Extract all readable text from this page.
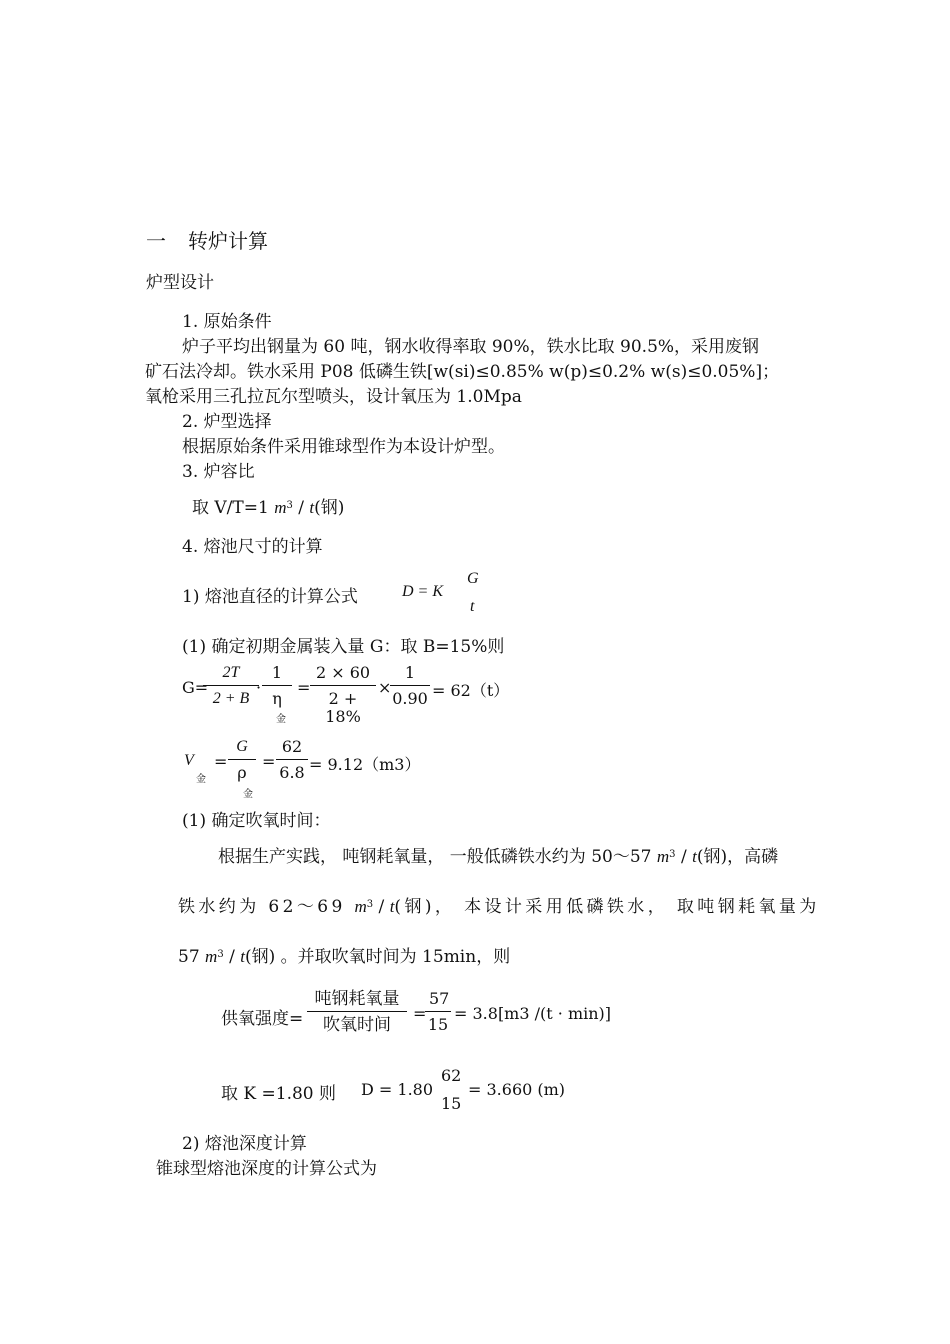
一 转炉计算
炉型设计
1. 原始条件
炉子平均出钢量为 60 吨，钢水收得率取 90%，铁水比取 90.5%，采用废钢
矿石法冷却。铁水采用 P08 低磷生铁[w(si)≤0.85% w(p)≤0.2% w(s)≤0.05%]；
氧枪采用三孔拉瓦尔型喷头，设计氧压为 1.0Mpa
2. 炉型选择
根据原始条件采用锥球型作为本设计炉型。
3. 炉容比
取 V/T=1 $m^3 / t$(钢)
4. 熔池尺寸的计算
1) 熔池直径的计算公式	D = K
G
t
(1) 确定初期金属装入量 G：取 B=15%则
G=
$\frac{2T}{2 + B}$
· $\frac{1}{\eta}$
金
= $\frac{2 \times 60}{2 + 18\%}$ ×
$\frac{1}{0.90} = 62(t)$
V
金
= $\frac{G}{\rho}$
金
= $\frac{62}{6.8} = 9.12(m3)$
(1) 确定吹氧时间：
根据生产实践， 吨钢耗氧量， 一般低磷铁水约为 50～57 $m^3 / t$(钢)，高磷
铁水约为 62～69 $m^3 / t$(钢)， 本设计采用低磷铁水， 取吨钢耗氧量为
57 $m^3 / t$(钢) 。并取吹氧时间为 15min，则
供氧强度=
吨钢耗氧量
吹氧时间
=
$\frac{57}{15} = 3.8[m3$ /(t · min)]
取 K =1.80 则 D = 1.80
62
15
= 3.660 (m)
2) 熔池深度计算
锥球型熔池深度的计算公式为
